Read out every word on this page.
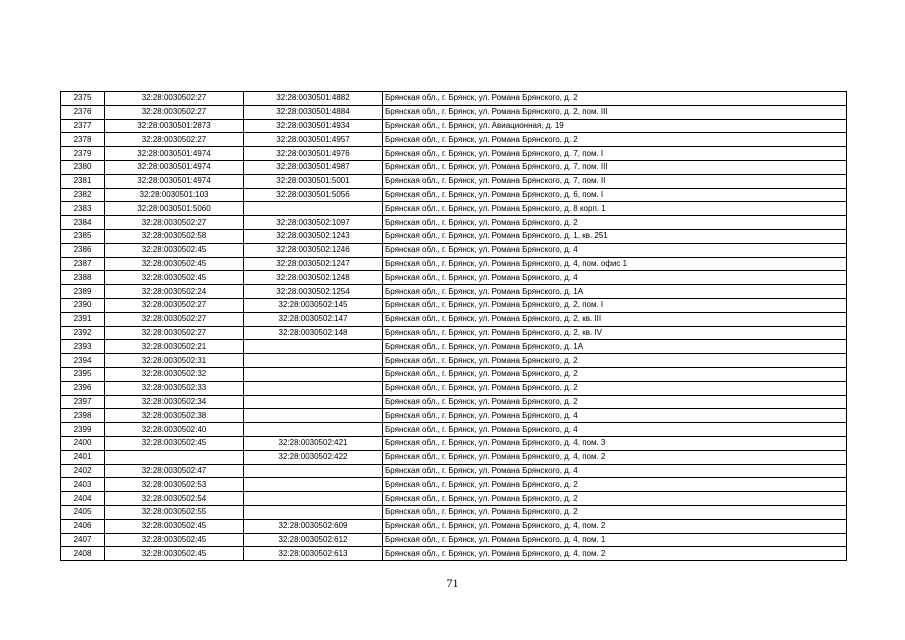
2375	32:28:0030502:27	32:28:0030501:4882	Брянская обл., г. Брянск, ул. Романа Брянского, д. 2
2376	32:28:0030502:27	32:28:0030501:4884	Брянская обл., г. Брянск, ул. Романа Брянского, д. 2, пом. III
2377	32:28:0030501:2873	32:28:0030501:4934	Брянская обл., г. Брянск, ул. Авиационная, д. 19
2378	32:28:0030502:27	32:28:0030501:4957	Брянская обл., г. Брянск, ул. Романа Брянского, д. 2
2379	32:28:0030501:4974	32:28:0030501:4976	Брянская обл., г. Брянск, ул. Романа Брянского, д. 7, пом. I
2380	32:28:0030501:4974	32:28:0030501:4987	Брянская обл., г. Брянск, ул. Романа Брянского, д. 7, пом. III
2381	32:28:0030501:4974	32:28:0030501:5001	Брянская обл., г. Брянск, ул. Романа Брянского, д. 7, пом. II
2382	32:28:0030501:103	32:28:0030501:5056	Брянская обл., г. Брянск, ул. Романа Брянского, д. 6, пом. I
2383	32:28:0030501:5060		Брянская обл., г. Брянск, ул. Романа Брянского, д. 8 корп. 1
2384	32:28:0030502:27	32:28:0030502:1097	Брянская обл., г. Брянск, ул. Романа Брянского, д. 2
2385	32:28:0030502:58	32:28:0030502:1243	Брянская обл., г. Брянск, ул. Романа Брянского, д. 1, кв. 251
2386	32:28:0030502:45	32:28:0030502:1246	Брянская обл., г. Брянск, ул. Романа Брянского, д. 4
2387	32:28:0030502:45	32:28:0030502:1247	Брянская обл., г. Брянск, ул. Романа Брянского, д. 4, пом. офис 1
2388	32:28:0030502:45	32:28:0030502:1248	Брянская обл., г. Брянск, ул. Романа Брянского, д. 4
2389	32:28:0030502:24	32:28:0030502:1254	Брянская обл., г. Брянск, ул. Романа Брянского, д. 1А
2390	32:28:0030502:27	32:28:0030502:145	Брянская обл., г. Брянск, ул. Романа Брянского, д. 2, пом. I
2391	32:28:0030502:27	32:28:0030502:147	Брянская обл., г. Брянск, ул. Романа Брянского, д. 2, кв. III
2392	32:28:0030502:27	32:28:0030502:148	Брянская обл., г. Брянск, ул. Романа Брянского, д. 2, кв. IV
2393	32:28:0030502:21		Брянская обл., г. Брянск, ул. Романа Брянского, д. 1А
2394	32:28:0030502:31		Брянская обл., г. Брянск, ул. Романа Брянского, д. 2
2395	32:28:0030502:32		Брянская обл., г. Брянск, ул. Романа Брянского, д. 2
2396	32:28:0030502:33		Брянская обл., г. Брянск, ул. Романа Брянского, д. 2
2397	32:28:0030502:34		Брянская обл., г. Брянск, ул. Романа Брянского, д. 2
2398	32:28:0030502:38		Брянская обл., г. Брянск, ул. Романа Брянского, д. 4
2399	32:28:0030502:40		Брянская обл., г. Брянск, ул. Романа Брянского, д. 4
2400	32:28:0030502:45	32:28:0030502:421	Брянская обл., г. Брянск, ул. Романа Брянского, д. 4, пом. 3
2401		32:28:0030502:422	Брянская обл., г. Брянск, ул. Романа Брянского, д. 4, пом. 2
2402	32:28:0030502:47		Брянская обл., г. Брянск, ул. Романа Брянского, д. 4
2403	32:28:0030502:53		Брянская обл., г. Брянск, ул. Романа Брянского, д. 2
2404	32:28:0030502:54		Брянская обл., г. Брянск, ул. Романа Брянского, д. 2
2405	32:28:0030502:55		Брянская обл., г. Брянск, ул. Романа Брянского, д. 2
2406	32:28:0030502:45	32:28:0030502:609	Брянская обл., г. Брянск, ул. Романа Брянского, д. 4, пом. 2
2407	32:28:0030502:45	32:28:0030502:612	Брянская обл., г. Брянск, ул. Романа Брянского, д. 4, пом. 1
2408	32:28:0030502:45	32:28:0030502:613	Брянская обл., г. Брянск, ул. Романа Брянского, д. 4, пом. 2
71
